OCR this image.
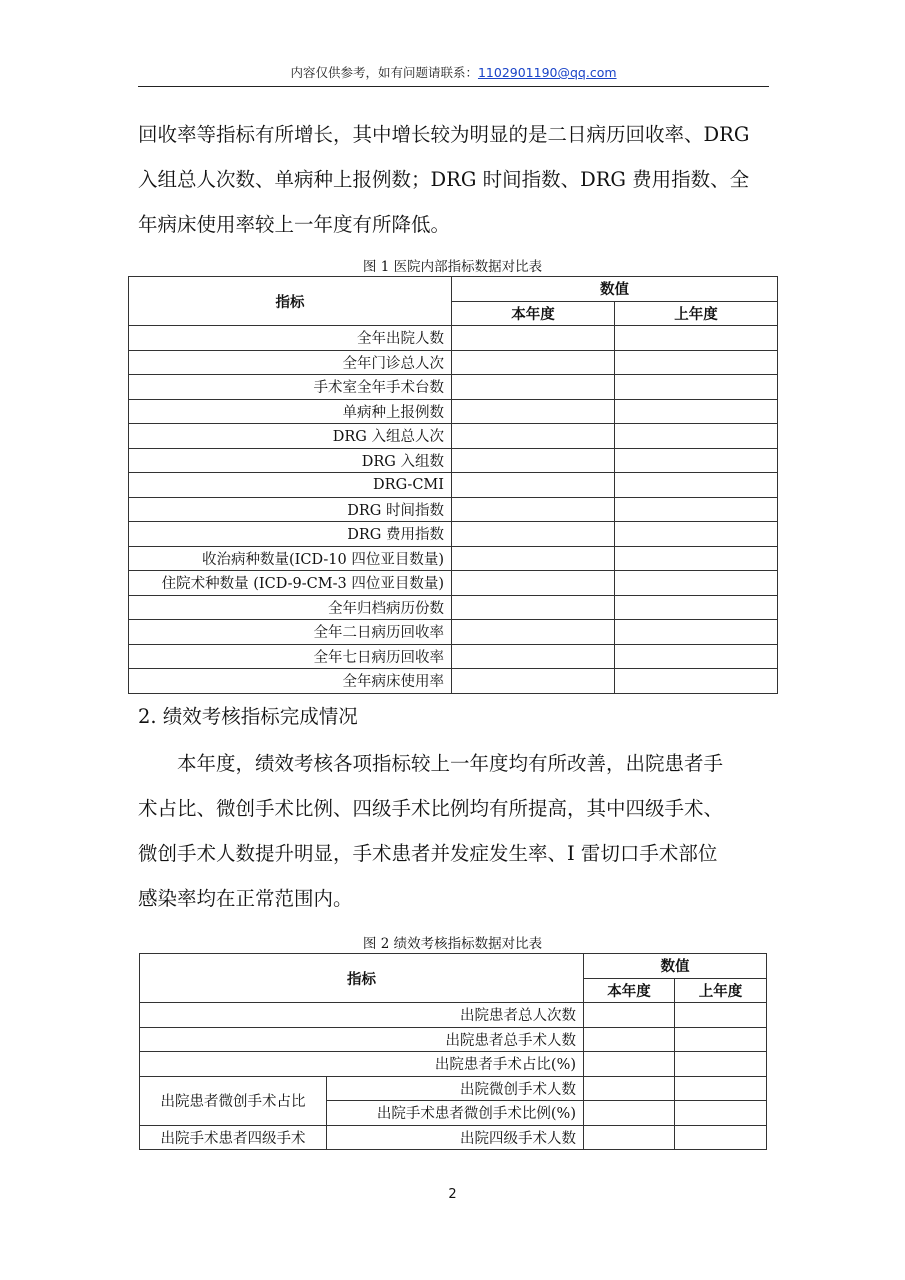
内容仅供参考，如有问题请联系：1102901190@qq.com

回收率等指标有所增长，其中增长较为明显的是二日病历回收率、DRG
入组总人次数、单病种上报例数；DRG 时间指数、DRG 费用指数、全
年病床使用率较上一年度有所降低。

图 1 医院内部指标数据对比表
指标	数值	
	本年度	上年度
全年出院人数		
全年门诊总人次		
手术室全年手术台数		
单病种上报例数		
DRG 入组总人次		
DRG 入组数		
DRG-CMI		
DRG 时间指数		
DRG 费用指数		
收治病种数量(ICD-10 四位亚目数量)		
住院术种数量 (ICD-9-CM-3 四位亚目数量)		
全年归档病历份数		
全年二日病历回收率		
全年七日病历回收率		
全年病床使用率		
2. 绩效考核指标完成情况

　　本年度，绩效考核各项指标较上一年度均有所改善，出院患者手
术占比、微创手术比例、四级手术比例均有所提高，其中四级手术、
微创手术人数提升明显，手术患者并发症发生率、I 雷切口手术部位
感染率均在正常范围内。

图 2 绩效考核指标数据对比表
指标		数值	
		本年度	上年度
出院患者总人次数			
出院患者总手术人数			
出院患者手术占比(%)			
出院患者微创手术占比	出院微创手术人数		
	出院手术患者微创手术比例(%)		
出院手术患者四级手术	出院四级手术人数		
2
